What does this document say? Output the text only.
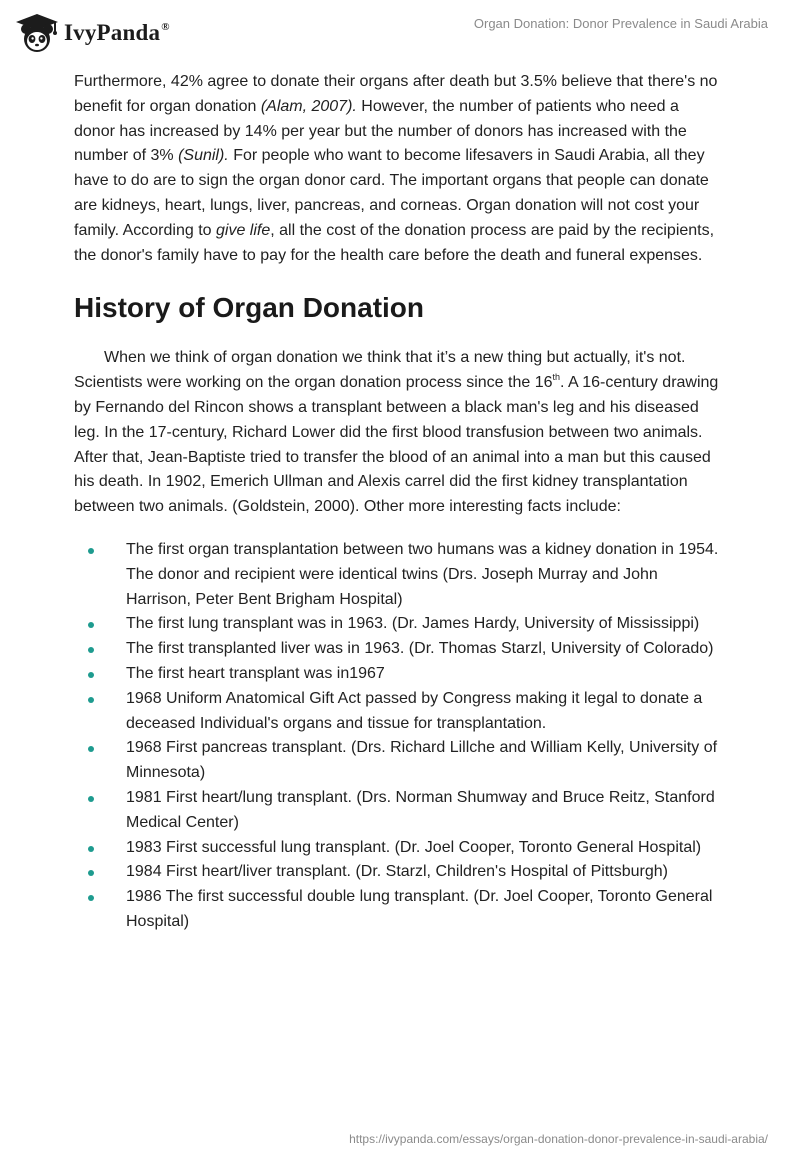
IvyPanda®	Organ Donation: Donor Prevalence in Saudi Arabia

Furthermore, 42% agree to donate their organs after death but 3.5% believe that there's no benefit for organ donation (Alam, 2007). However, the number of patients who need a donor has increased by 14% per year but the number of donors has increased with the number of 3% (Sunil). For people who want to become lifesavers in Saudi Arabia, all they have to do are to sign the organ donor card. The important organs that people can donate are kidneys, heart, lungs, liver, pancreas, and corneas. Organ donation will not cost your family. According to give life, all the cost of the donation process are paid by the recipients, the donor's family have to pay for the health care before the death and funeral expenses.

History of Organ Donation

When we think of organ donation we think that it’s a new thing but actually, it's not. Scientists were working on the organ donation process since the 16th. A 16-century drawing by Fernando del Rincon shows a transplant between a black man's leg and his diseased leg. In the 17-century, Richard Lower did the first blood transfusion between two animals. After that, Jean-Baptiste tried to transfer the blood of an animal into a man but this caused his death. In 1902, Emerich Ullman and Alexis carrel did the first kidney transplantation between two animals. (Goldstein, 2000). Other more interesting facts include:

The first organ transplantation between two humans was a kidney donation in 1954. The donor and recipient were identical twins (Drs. Joseph Murray and John Harrison, Peter Bent Brigham Hospital)
The first lung transplant was in 1963. (Dr. James Hardy, University of Mississippi)
The first transplanted liver was in 1963. (Dr. Thomas Starzl, University of Colorado)
The first heart transplant was in1967
1968 Uniform Anatomical Gift Act passed by Congress making it legal to donate a deceased Individual's organs and tissue for transplantation.
1968 First pancreas transplant. (Drs. Richard Lillche and William Kelly, University of Minnesota)
1981 First heart/lung transplant. (Drs. Norman Shumway and Bruce Reitz, Stanford Medical Center)
1983 First successful lung transplant. (Dr. Joel Cooper, Toronto General Hospital)
1984 First heart/liver transplant. (Dr. Starzl, Children's Hospital of Pittsburgh)
1986 The first successful double lung transplant. (Dr. Joel Cooper, Toronto General Hospital)
https://ivypanda.com/essays/organ-donation-donor-prevalence-in-saudi-arabia/
